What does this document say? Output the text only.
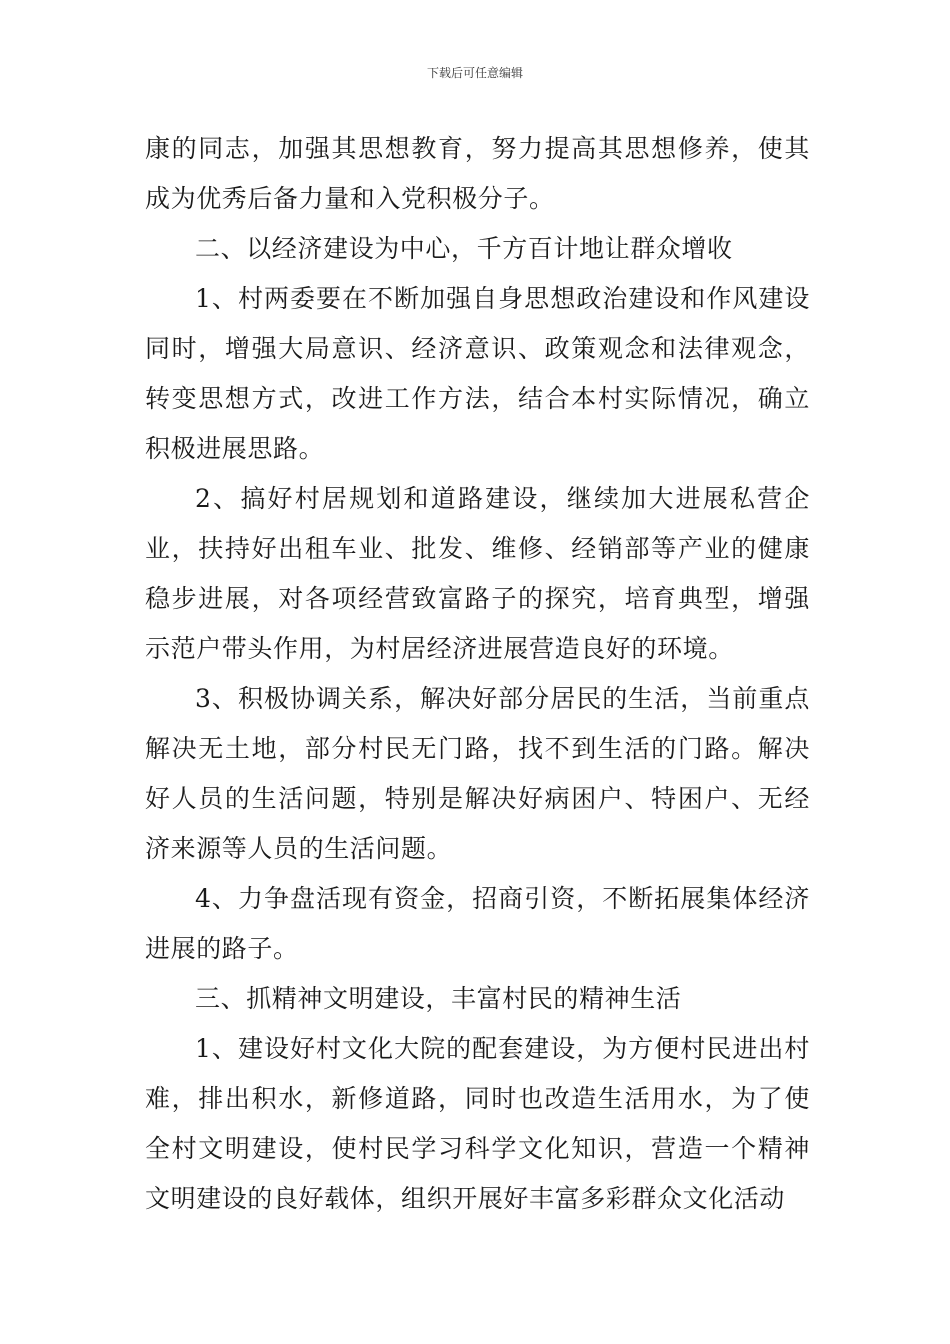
下载后可任意编辑

康的同志，加强其思想教育，努力提高其思想修养，使其成为优秀后备力量和入党积极分子。

二、以经济建设为中心，千方百计地让群众增收

1、村两委要在不断加强自身思想政治建设和作风建设同时，增强大局意识、经济意识、政策观念和法律观念，转变思想方式，改进工作方法，结合本村实际情况，确立积极进展思路。

2、搞好村居规划和道路建设，继续加大进展私营企业，扶持好出租车业、批发、维修、经销部等产业的健康稳步进展，对各项经营致富路子的探究，培育典型，增强示范户带头作用，为村居经济进展营造良好的环境。

3、积极协调关系，解决好部分居民的生活，当前重点解决无土地，部分村民无门路，找不到生活的门路。解决好人员的生活问题，特别是解决好病困户、特困户、无经济来源等人员的生活问题。

4、力争盘活现有资金，招商引资，不断拓展集体经济进展的路子。

三、抓精神文明建设，丰富村民的精神生活

1、建设好村文化大院的配套建设，为方便村民进出村难，排出积水，新修道路，同时也改造生活用水，为了使全村文明建设，使村民学习科学文化知识，营造一个精神文明建设的良好载体，组织开展好丰富多彩群众文化活动
